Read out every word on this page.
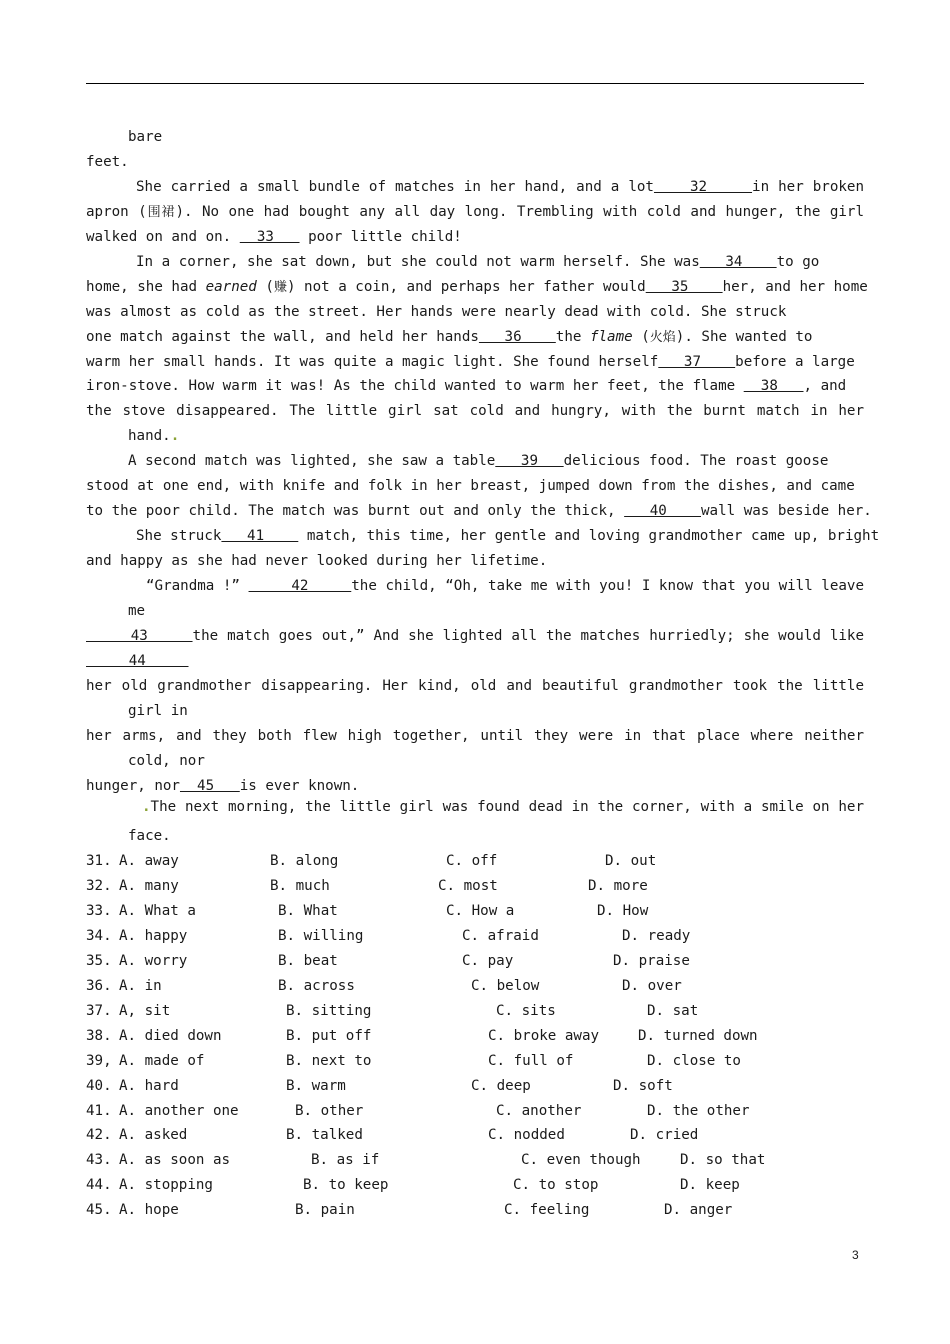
bare
feet.
She carried a small bundle of matches in her hand, and a lot    32     in her broken
apron (围裙). No one had bought any all day long. Trembling with cold and hunger, the girl
walked on and on.   33    poor little child!
In a corner, she sat down, but she could not warm herself. She was   34    to go
home, she had earned (赚) not a coin, and perhaps her father would   35    her, and her home
was almost as cold as the street. Her hands were nearly dead with cold. She struck
one match against the wall, and held her hands   36    the flame (火焰). She wanted to
warm her small hands. It was quite a magic light. She found herself   37    before a large
iron-stove. How warm it was! As the child wanted to warm her feet, the flame   38   , and
the stove disappeared. The little girl sat cold and hungry, with the burnt match in her
hand..
A second match was lighted, she saw a table   39   delicious food. The roast goose
stood at one end, with knife and folk in her breast, jumped down from the dishes, and came
to the poor child. The match was burnt out and only the thick,    40    wall was beside her.
She struck   41     match, this time, her gentle and loving grandmother came up, bright
and happy as she had never looked during her lifetime.
“Grandma !”      42     the child, “Oh, take me with you! I know that you will leave
me
43     the match goes out,” And she lighted all the matches hurriedly; she would like
44
her old grandmother disappearing. Her kind, old and beautiful grandmother took the little
girl in
her arms, and they both flew high together, until they were in that place where neither
cold, nor
hunger, nor  45   is ever known.
.The next morning, the little girl was found dead in the corner, with a smile on her
face.
31. A. away	B. along	C. off	D. out
32. A. many	B. much	C. most	D. more
33. A. What a	B. What	C. How a	D. How
34. A. happy	B. willing	C. afraid	D. ready
35. A. worry	B. beat	C. pay	D. praise
36. A. in	B. across	C. below	D. over
37. A, sit	B. sitting	C. sits	D. sat
38. A. died down	B. put off	C. broke away	D. turned down
39, A. made of	B. next to	C. full of	D. close to
40. A. hard	B. warm	C. deep	D. soft
41. A. another one	B. other	C. another	D. the other
42. A. asked	B. talked	C. nodded	D. cried
43. A. as soon as	B. as if	C. even though	D. so that
44. A. stopping	B. to keep	C. to stop	D. keep
45. A. hope	B. pain	C. feeling	D. anger
3
